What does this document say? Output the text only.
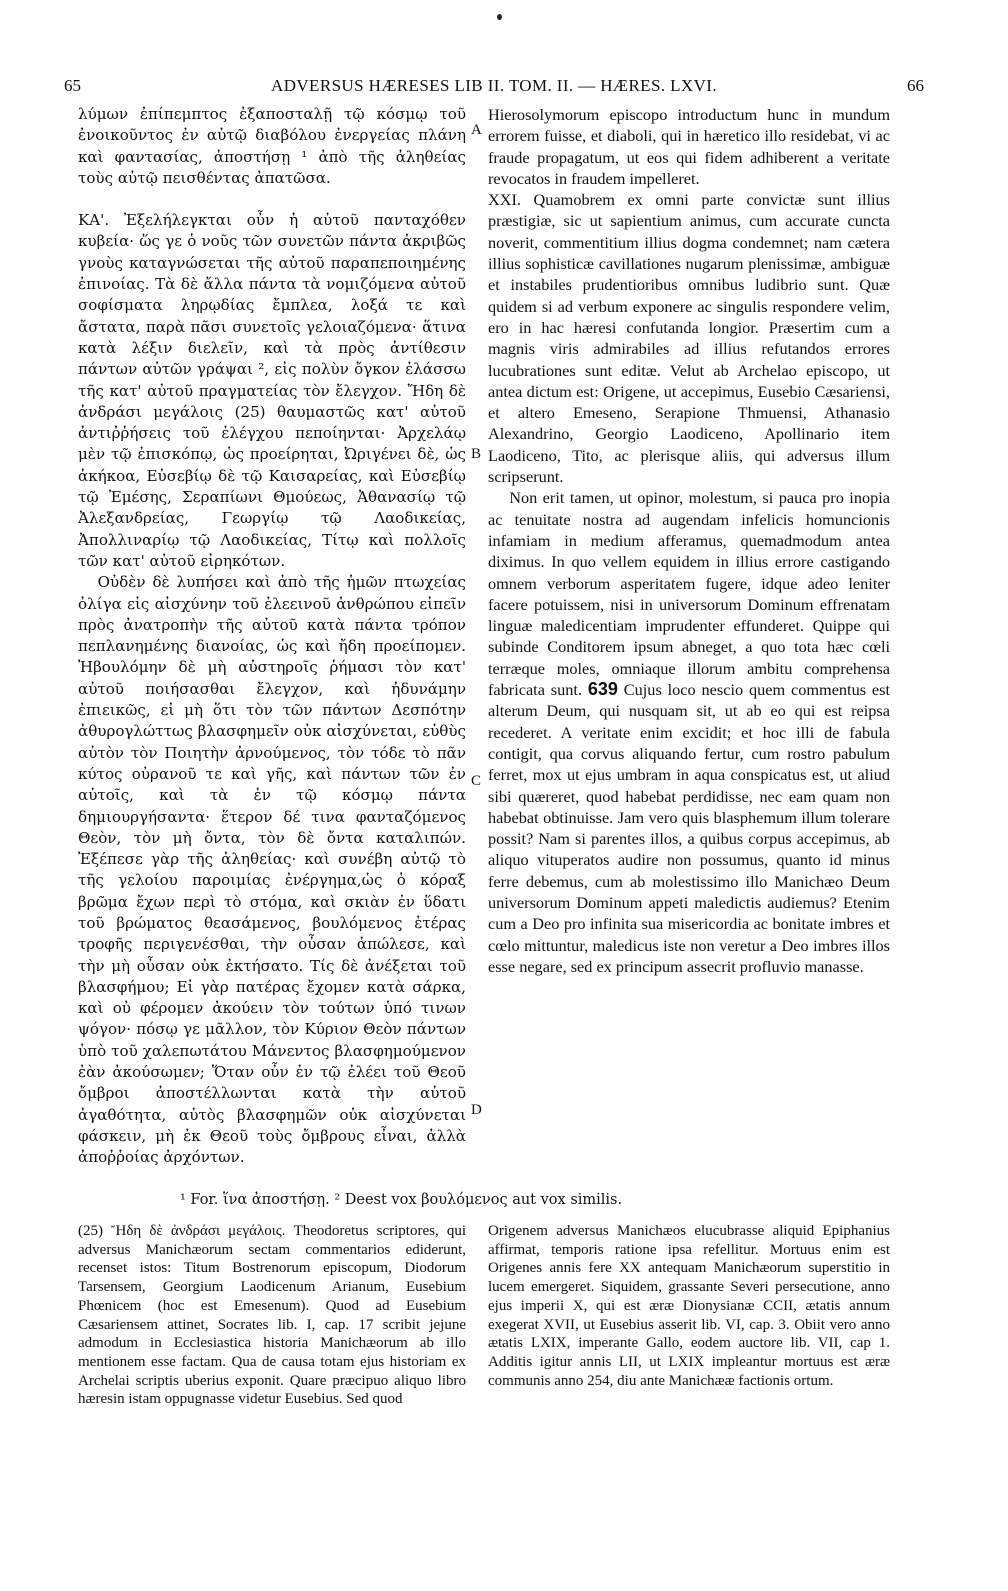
65	ADVERSUS HÆRESES LIB II. TOM. II. — HÆRES. LXVI.	66
A
B
C
D

λύμων ἐπίπεμπτος ἐξαποσταλῇ τῷ κόσμῳ τοῦ ἐνοικοῦντος ἐν αὐτῷ διαβόλου ἐνεργείας πλάνη καὶ φαντασίας, ἀποστήσῃ ¹ ἀπὸ τῆς ἀληθείας τοὺς αὐτῷ πεισθέντας ἀπατῶσα.

ΚΑ'. Ἐξελήλεγκται οὖν ἡ αὐτοῦ πανταχόθεν κυβεία· ὥς γε ὁ νοῦς τῶν συνετῶν πάντα ἀκριβῶς γνοὺς καταγνώσεται τῆς αὐτοῦ παραπεποιημένης ἐπινοίας. Τὰ δὲ ἄλλα πάντα τὰ νομιζόμενα αὐτοῦ σοφίσματα ληρῳδίας ἔμπλεα, λοξά τε καὶ ἄστατα, παρὰ πᾶσι συνετοῖς γελοιαζόμενα· ἅτινα κατὰ λέξιν διελεῖν, καὶ τὰ πρὸς ἀντίθεσιν πάντων αὐτῶν γράψαι ², εἰς πολὺν ὄγκον ἐλάσσω τῆς κατ' αὐτοῦ πραγματείας τὸν ἔλεγχον. Ἤδη δὲ ἀνδράσι μεγάλοις (25) θαυμαστῶς κατ' αὐτοῦ ἀντιῤῥήσεις τοῦ ἐλέγχου πεποίηνται· Ἀρχελάῳ μὲν τῷ ἐπισκόπῳ, ὡς προείρηται, Ὠριγένει δὲ, ὡς ἀκήκοα, Εὐσεβίῳ δὲ τῷ Καισαρείας, καὶ Εὐσεβίῳ τῷ Ἐμέσης, Σεραπίωνι Θμούεως, Ἀθανασίῳ τῷ Ἀλεξανδρείας, Γεωργίῳ τῷ Λαοδικείας, Ἀπολλιναρίῳ τῷ Λαοδικείας, Τίτῳ καὶ πολλοῖς τῶν κατ' αὐτοῦ εἰρηκότων.

Οὐδὲν δὲ λυπήσει καὶ ἀπὸ τῆς ἡμῶν πτωχείας ὀλίγα εἰς αἰσχύνην τοῦ ἐλεεινοῦ ἀνθρώπου εἰπεῖν πρὸς ἀνατροπὴν τῆς αὐτοῦ κατὰ πάντα τρόπον πεπλανημένης διανοίας, ὡς καὶ ἤδη προείπομεν. Ἠβουλόμην δὲ μὴ αὐστηροῖς ῥήμασι τὸν κατ' αὐτοῦ ποιήσασθαι ἔλεγχον, καὶ ἠδυνάμην ἐπιεικῶς, εἰ μὴ ὅτι τὸν τῶν πάντων Δεσπότην ἀθυρογλώττως βλασφημεῖν οὐκ αἰσχύνεται, εὐθὺς αὐτὸν τὸν Ποιητὴν ἀρνούμενος, τὸν τόδε τὸ πᾶν κύτος οὐρανοῦ τε καὶ γῆς, καὶ πάντων τῶν ἐν αὐτοῖς, καὶ τὰ ἐν τῷ κόσμῳ πάντα δημιουργήσαντα· ἕτερον δέ τινα φανταζόμενος Θεὸν, τὸν μὴ ὄντα, τὸν δὲ ὄντα καταλιπών. Ἐξέπεσε γὰρ τῆς ἀληθείας· καὶ συνέβη αὐτῷ τὸ τῆς γελοίου παροιμίας ἐνέργημα,ὡς ὁ κόραξ βρῶμα ἔχων περὶ τὸ στόμα, καὶ σκιὰν ἐν ὕδατι τοῦ βρώματος θεασάμενος, βουλόμενος ἑτέρας τροφῆς περιγενέσθαι, τὴν οὖσαν ἀπώλεσε, καὶ τὴν μὴ οὖσαν οὐκ ἐκτήσατο. Τίς δὲ ἀνέξεται τοῦ βλασφήμου; Εἰ γὰρ πατέρας ἔχομεν κατὰ σάρκα, καὶ οὐ φέρομεν ἀκούειν τὸν τούτων ὑπό τινων ψόγον· πόσῳ γε μᾶλλον, τὸν Κύριον Θεὸν πάντων ὑπὸ τοῦ χαλεπωτάτου Μάνεντος βλασφημούμενον ἐὰν ἀκούσωμεν; Ὅταν οὖν ἐν τῷ ἐλέει τοῦ Θεοῦ ὄμβροι ἀποστέλλωνται κατὰ τὴν αὐτοῦ ἀγαθότητα, αὐτὸς βλασφημῶν οὐκ αἰσχύνεται φάσκειν, μὴ ἐκ Θεοῦ τοὺς ὄμβρους εἶναι, ἀλλὰ ἀποῤῥοίας ἀρχόντων.

Hierosolymorum episcopo introductum hunc in mundum errorem fuisse, et diaboli, qui in hæretico illo residebat, vi ac fraude propagatum, ut eos qui fidem adhiberent a veritate revocatos in fraudem impelleret.

XXI. Quamobrem ex omni parte convictæ sunt illius præstigiæ, sic ut sapientium animus, cum accurate cuncta noverit, commentitium illius dogma condemnet; nam cætera illius sophisticæ cavillationes nugarum plenissimæ, ambiguæ et instabiles prudentioribus omnibus ludibrio sunt. Quæ quidem si ad verbum exponere ac singulis respondere velim, ero in hac hæresi confutanda longior. Præsertim cum a magnis viris admirabiles ad illius refutandos errores lucubrationes sunt editæ. Velut ab Archelao episcopo, ut antea dictum est: Origene, ut accepimus, Eusebio Cæsariensi, et altero Emeseno, Serapione Thmuensi, Athanasio Alexandrino, Georgio Laodiceno, Apollinario item Laodiceno, Tito, ac plerisque aliis, qui adversus illum scripserunt.

Non erit tamen, ut opinor, molestum, si pauca pro inopia ac tenuitate nostra ad augendam infelicis homuncionis infamiam in medium afferamus, quemadmodum antea diximus. In quo vellem equidem in illius errore castigando omnem verborum asperitatem fugere, idque adeo leniter facere potuissem, nisi in universorum Dominum effrenatam linguæ maledicentiam imprudenter effunderet. Quippe qui subinde Conditorem ipsum abneget, a quo tota hæc cœli terræque moles, omniaque illorum ambitu comprehensa fabricata sunt. 639 Cujus loco nescio quem commentus est alterum Deum, qui nusquam sit, ut ab eo qui est reipsa recederet. A veritate enim excidit; et hoc illi de fabula contigit, qua corvus aliquando fertur, cum rostro pabulum ferret, mox ut ejus umbram in aqua conspicatus est, ut aliud sibi quæreret, quod habebat perdidisse, nec eam quam non habebat obtinuisse. Jam vero quis blasphemum illum tolerare possit? Nam si parentes illos, a quibus corpus accepimus, ab aliquo vituperatos audire non possumus, quanto id minus ferre debemus, cum ab molestissimo illo Manichæo Deum universorum Dominum appeti maledictis audiemus? Etenim cum a Deo pro infinita sua misericordia ac bonitate imbres et cœlo mittuntur, maledicus iste non veretur a Deo imbres illos esse negare, sed ex principum assecrit profluvio manasse.

¹ For. ἵνα ἀποστήσῃ. ² Deest vox βουλόμενος aut vox similis.

(25) Ἤδη δὲ ἀνδράσι μεγάλοις. Theodoretus scriptores, qui adversus Manichæorum sectam commentarios ediderunt, recenset istos: Titum Bostrenorum episcopum, Diodorum Tarsensem, Georgium Laodicenum Arianum, Eusebium Phœnicem (hoc est Emesenum). Quod ad Eusebium Cæsariensem attinet, Socrates lib. I, cap. 17 scribit jejune admodum in Ecclesiastica historia Manichæorum ab illo mentionem esse factam. Qua de causa totam ejus historiam ex Archelai scriptis uberius exponit. Quare præcipuo aliquo libro hæresin istam oppugnasse videtur Eusebius. Sed quod

Origenem adversus Manichæos elucubrasse aliquid Epiphanius affirmat, temporis ratione ipsa refellitur. Mortuus enim est Origenes annis fere XX antequam Manichæorum superstitio in lucem emergeret. Siquidem, grassante Severi persecutione, anno ejus imperii X, qui est æræ Dionysianæ CCII, ætatis annum exegerat XVII, ut Eusebius asserit lib. VI, cap. 3. Obiit vero anno ætatis LXIX, imperante Gallo, eodem auctore lib. VII, cap 1. Additis igitur annis LII, ut LXIX impleantur mortuus est æræ communis anno 254, diu ante Manichææ factionis ortum.
